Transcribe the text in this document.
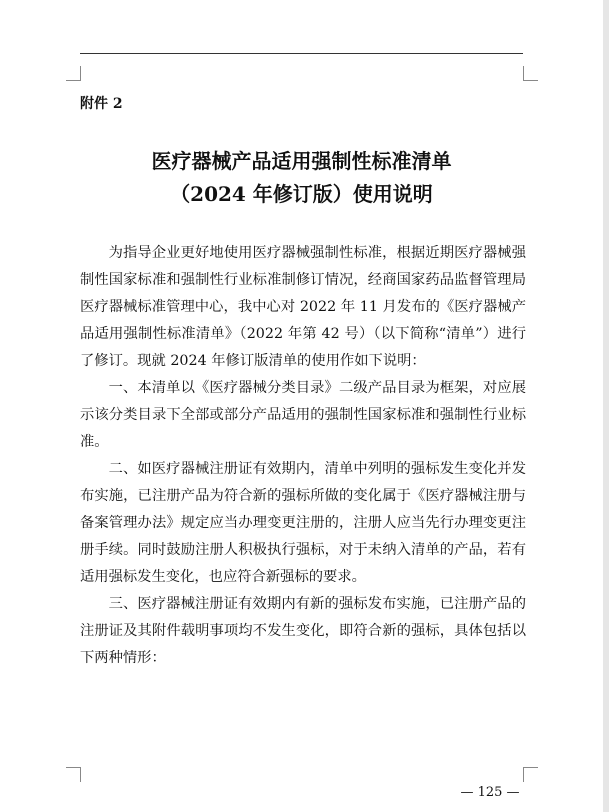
附件 2
医疗器械产品适用强制性标准清单
（2024 年修订版）使用说明

为指导企业更好地使用医疗器械强制性标准，根据近期医疗器械强制性国家标准和强制性行业标准制修订情况，经商国家药品监督管理局医疗器械标准管理中心，我中心对 2022 年 11 月发布的《医疗器械产品适用强制性标准清单》（2022 年第 42 号）（以下简称“清单”）进行了修订。现就 2024 年修订版清单的使用作如下说明：

一、本清单以《医疗器械分类目录》二级产品目录为框架，对应展示该分类目录下全部或部分产品适用的强制性国家标准和强制性行业标准。

二、如医疗器械注册证有效期内，清单中列明的强标发生变化并发布实施，已注册产品为符合新的强标所做的变化属于《医疗器械注册与备案管理办法》规定应当办理变更注册的，注册人应当先行办理变更注册手续。同时鼓励注册人积极执行强标，对于未纳入清单的产品，若有适用强标发生变化，也应符合新强标的要求。

三、医疗器械注册证有效期内有新的强标发布实施，已注册产品的注册证及其附件载明事项均不发生变化，即符合新的强标，具体包括以下两种情形：

— 125 —
